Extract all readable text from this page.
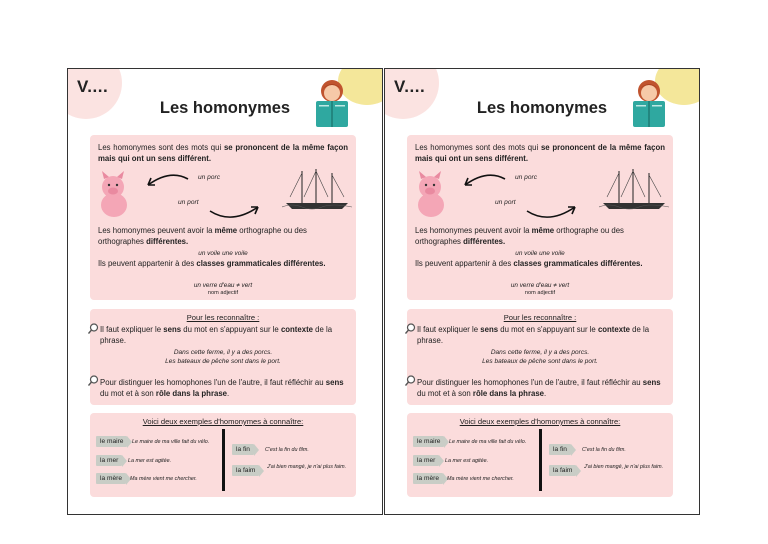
V....
Les homonymes
Les homonymes sont des mots qui se prononcent de la même façon mais qui ont un sens différent.
un porc
un port
Les homonymes peuvent avoir la même orthographe ou des orthographes différentes.
un voile une voile
Ils peuvent appartenir à des classes grammaticales différentes.
un verre d'eau ≠ vert
nom adjectif
Pour les reconnaître :
Il faut expliquer le sens du mot en s'appuyant sur le contexte de la phrase.
Dans cette ferme, il y a des porcs.
Les bateaux de pêche sont dans le port.
Pour distinguer les homophones l'un de l'autre, il faut réfléchir au sens du mot et à son rôle dans la phrase.
Voici deux exemples d'homonymes à connaître:
le maire	Le maire de ma ville fait du vélo.
la mer	La mer est agitée.
la mère	Ma mère vient me chercher.
la fin	C'est la fin du film.
la faim	J'ai bien mangé, je n'ai plus faim.
V....
Les homonymes
Les homonymes sont des mots qui se prononcent de la même façon mais qui ont un sens différent.
un porc
un port
Les homonymes peuvent avoir la même orthographe ou des orthographes différentes.
un voile une voile
Ils peuvent appartenir à des classes grammaticales différentes.
un verre d'eau ≠ vert
nom adjectif
Pour les reconnaître :
Il faut expliquer le sens du mot en s'appuyant sur le contexte de la phrase.
Dans cette ferme, il y a des porcs.
Les bateaux de pêche sont dans le port.
Pour distinguer les homophones l'un de l'autre, il faut réfléchir au sens du mot et à son rôle dans la phrase.
Voici deux exemples d'homonymes à connaître:
le maire	Le maire de ma ville fait du vélo.
la mer	La mer est agitée.
la mère	Ma mère vient me chercher.
la fin	C'est la fin du film.
la faim	J'ai bien mangé, je n'ai plus faim.
